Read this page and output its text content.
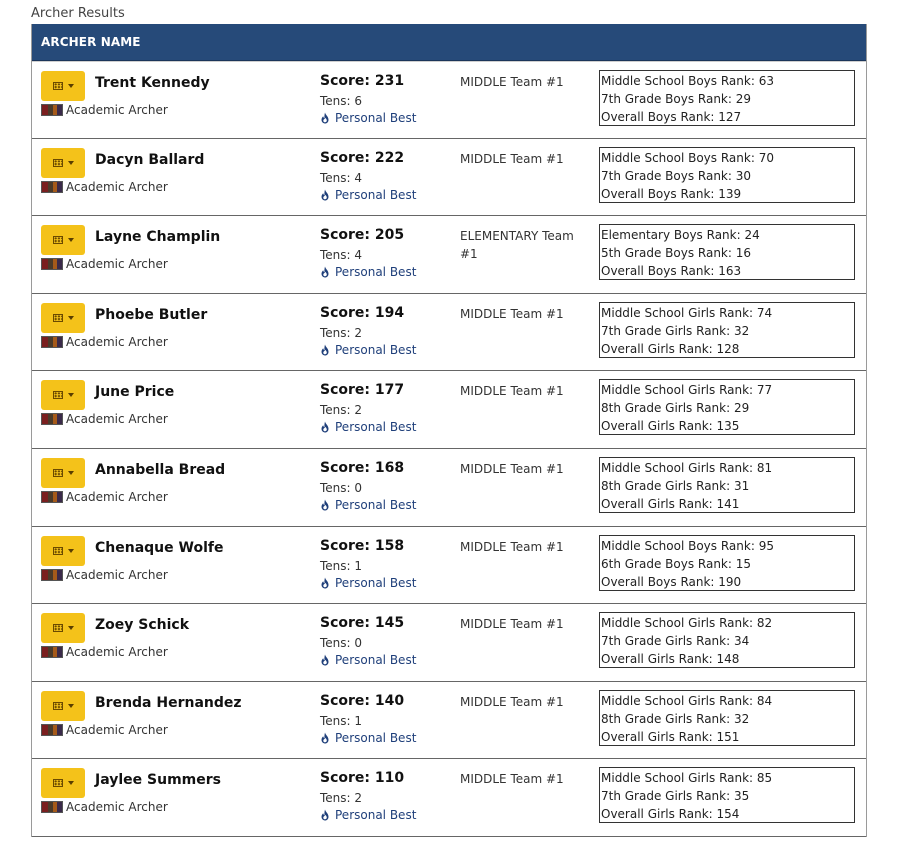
Archer Results
ARCHER NAME
Trent Kennedy
Academic Archer
Score: 231
Tens: 6
Personal Best
MIDDLE Team #1	Middle School Boys Rank: 63
7th Grade Boys Rank: 29
Overall Boys Rank: 127
Dacyn Ballard
Academic Archer
Score: 222
Tens: 4
Personal Best
MIDDLE Team #1	Middle School Boys Rank: 70
7th Grade Boys Rank: 30
Overall Boys Rank: 139
Layne Champlin
Academic Archer
Score: 205
Tens: 4
Personal Best
ELEMENTARY Team #1
Elementary Boys Rank: 24
5th Grade Boys Rank: 16
Overall Boys Rank: 163
Phoebe Butler
Academic Archer
Score: 194
Tens: 2
Personal Best
MIDDLE Team #1	Middle School Girls Rank: 74
7th Grade Girls Rank: 32
Overall Girls Rank: 128
June Price
Academic Archer
Score: 177
Tens: 2
Personal Best
MIDDLE Team #1	Middle School Girls Rank: 77
8th Grade Girls Rank: 29
Overall Girls Rank: 135
Annabella Bread
Academic Archer
Score: 168
Tens: 0
Personal Best
MIDDLE Team #1	Middle School Girls Rank: 81
8th Grade Girls Rank: 31
Overall Girls Rank: 141
Chenaque Wolfe
Academic Archer
Score: 158
Tens: 1
Personal Best
MIDDLE Team #1	Middle School Boys Rank: 95
6th Grade Boys Rank: 15
Overall Boys Rank: 190
Zoey Schick
Academic Archer
Score: 145
Tens: 0
Personal Best
MIDDLE Team #1	Middle School Girls Rank: 82
7th Grade Girls Rank: 34
Overall Girls Rank: 148
Brenda Hernandez
Academic Archer
Score: 140
Tens: 1
Personal Best
MIDDLE Team #1	Middle School Girls Rank: 84
8th Grade Girls Rank: 32
Overall Girls Rank: 151
Jaylee Summers
Academic Archer
Score: 110
Tens: 2
Personal Best
MIDDLE Team #1	Middle School Girls Rank: 85
7th Grade Girls Rank: 35
Overall Girls Rank: 154
